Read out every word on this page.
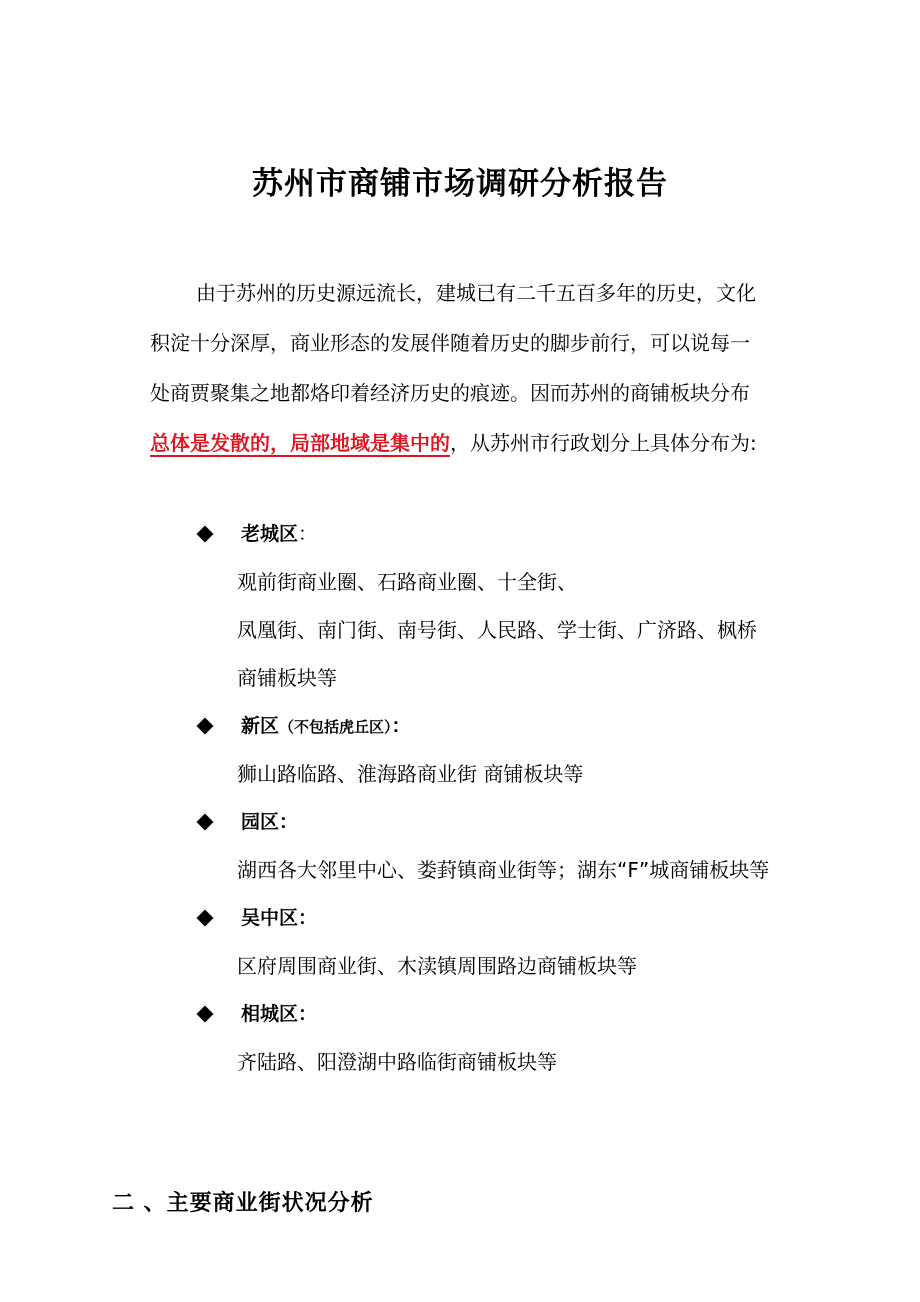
苏州市商铺市场调研分析报告
由于苏州的历史源远流长，建城已有二千五百多年的历史，文化
积淀十分深厚，商业形态的发展伴随着历史的脚步前行，可以说每一
处商贾聚集之地都烙印着经济历史的痕迹。因而苏州的商铺板块分布
总体是发散的，局部地域是集中的，从苏州市行政划分上具体分布为:
老城区：
观前街商业圈、石路商业圈、十全街、
凤凰街、南门街、南号街、人民路、学士街、广济路、枫桥
商铺板块等
新区（不包括虎丘区）：
狮山路临路、淮海路商业街 商铺板块等
园区：
湖西各大邻里中心、娄葑镇商业街等；湖东“F”城商铺板块等
吴中区：
区府周围商业街、木渎镇周围路边商铺板块等
相城区：
齐陆路、阳澄湖中路临街商铺板块等
二 、主要商业街状况分析
